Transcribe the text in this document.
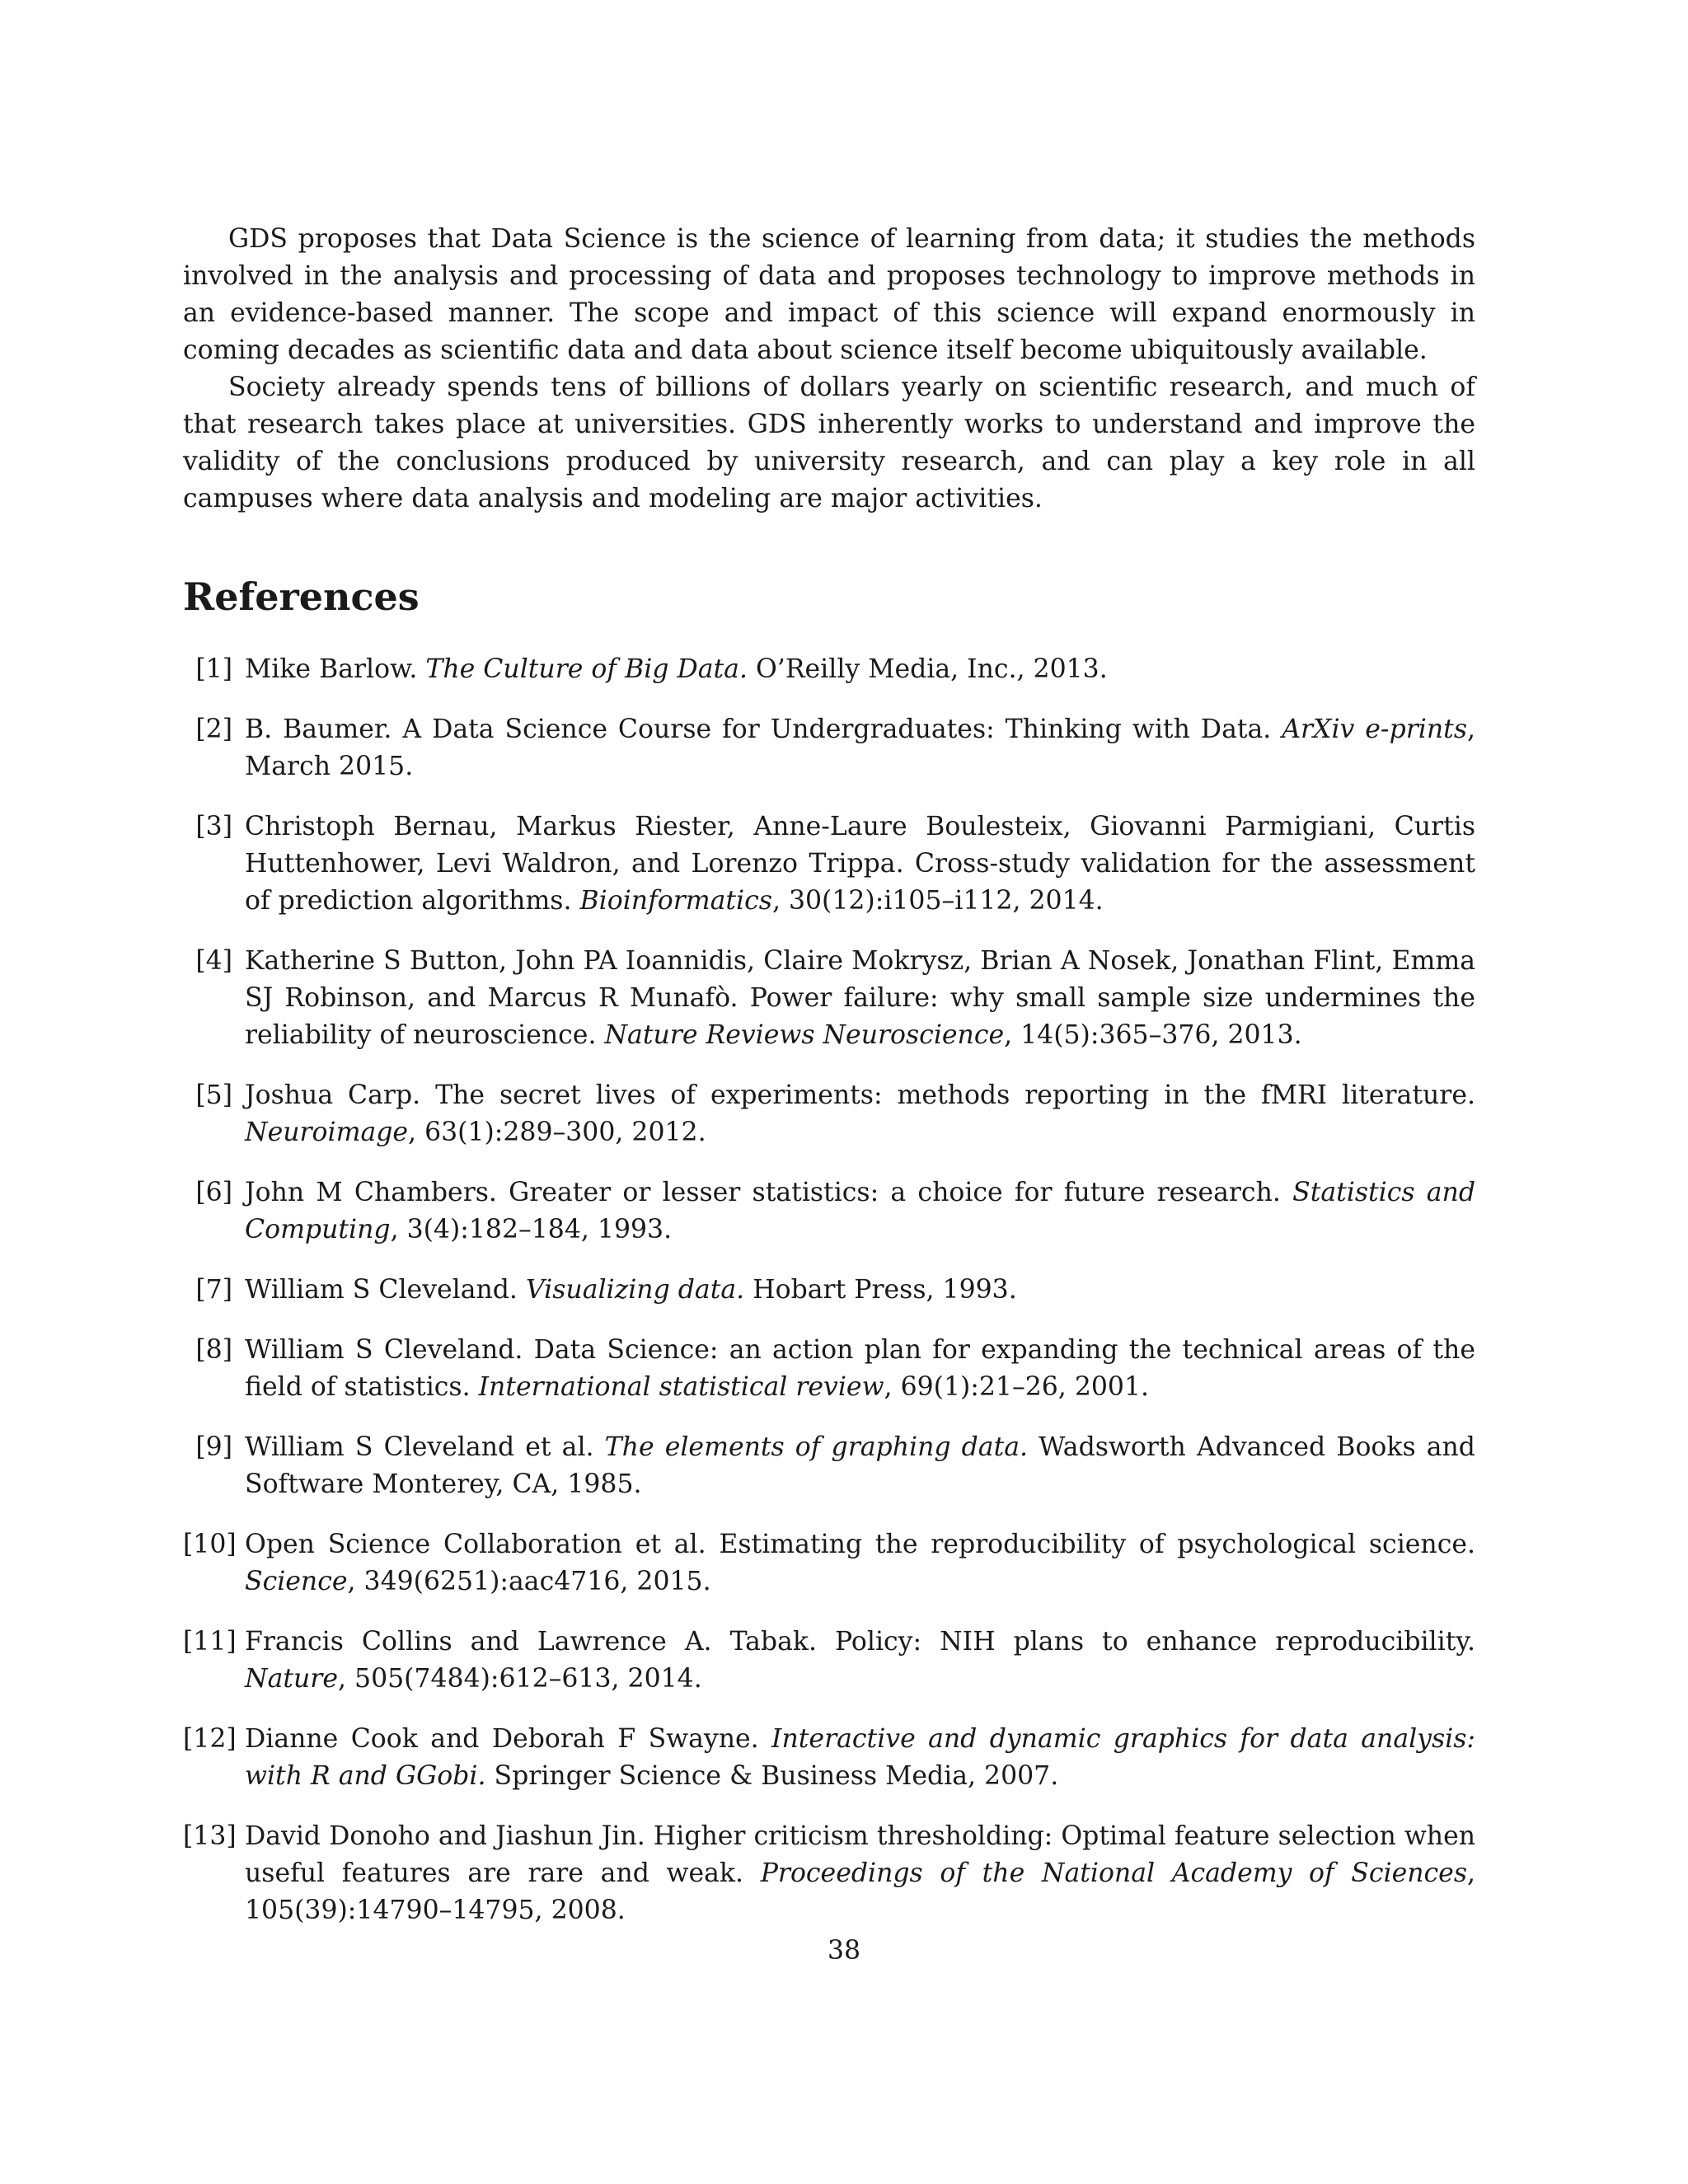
GDS proposes that Data Science is the science of learning from data; it studies the methods involved in the analysis and processing of data and proposes technology to improve methods in an evidence-based manner. The scope and impact of this science will expand enormously in coming decades as scientific data and data about science itself become ubiquitously available.

Society already spends tens of billions of dollars yearly on scientific research, and much of that research takes place at universities. GDS inherently works to understand and improve the validity of the conclusions produced by university research, and can play a key role in all campuses where data analysis and modeling are major activities.

References
[1] Mike Barlow. The Culture of Big Data. O’Reilly Media, Inc., 2013.
[2] B. Baumer. A Data Science Course for Undergraduates: Thinking with Data. ArXiv e-prints, March 2015.
[3] Christoph Bernau, Markus Riester, Anne-Laure Boulesteix, Giovanni Parmigiani, Curtis Huttenhower, Levi Waldron, and Lorenzo Trippa. Cross-study validation for the assessment of prediction algorithms. Bioinformatics, 30(12):i105–i112, 2014.
[4] Katherine S Button, John PA Ioannidis, Claire Mokrysz, Brian A Nosek, Jonathan Flint, Emma SJ Robinson, and Marcus R Munafò. Power failure: why small sample size undermines the reliability of neuroscience. Nature Reviews Neuroscience, 14(5):365–376, 2013.
[5] Joshua Carp. The secret lives of experiments: methods reporting in the fMRI literature. Neuroimage, 63(1):289–300, 2012.
[6] John M Chambers. Greater or lesser statistics: a choice for future research. Statistics and Computing, 3(4):182–184, 1993.
[7] William S Cleveland. Visualizing data. Hobart Press, 1993.
[8] William S Cleveland. Data Science: an action plan for expanding the technical areas of the field of statistics. International statistical review, 69(1):21–26, 2001.
[9] William S Cleveland et al. The elements of graphing data. Wadsworth Advanced Books and Software Monterey, CA, 1985.
[10] Open Science Collaboration et al. Estimating the reproducibility of psychological science. Science, 349(6251):aac4716, 2015.
[11] Francis Collins and Lawrence A. Tabak. Policy: NIH plans to enhance reproducibility. Nature, 505(7484):612–613, 2014.
[12] Dianne Cook and Deborah F Swayne. Interactive and dynamic graphics for data analysis: with R and GGobi. Springer Science & Business Media, 2007.
[13] David Donoho and Jiashun Jin. Higher criticism thresholding: Optimal feature selection when useful features are rare and weak. Proceedings of the National Academy of Sciences, 105(39):14790–14795, 2008.
38
